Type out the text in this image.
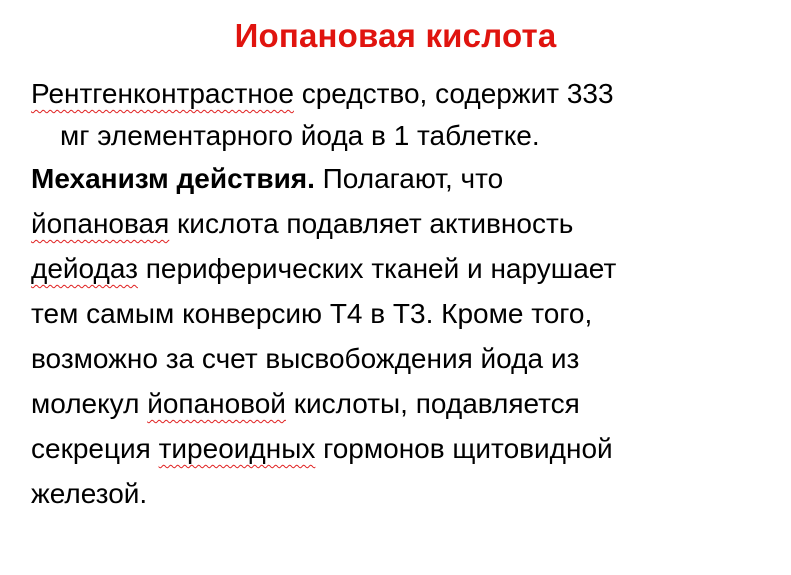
Иопановая кислота
Рентгенконтрастное средство, содержит 333
мг элементарного йода в 1 таблетке.
Механизм действия. Полагают, что
йопановая кислота подавляет активность
дейодаз периферических тканей и нарушает
тем самым конверсию Т4 в Т3. Кроме того,
возможно за счет высвобождения йода из
молекул йопановой кислоты, подавляется
секреция тиреоидных гормонов щитовидной
железой.
